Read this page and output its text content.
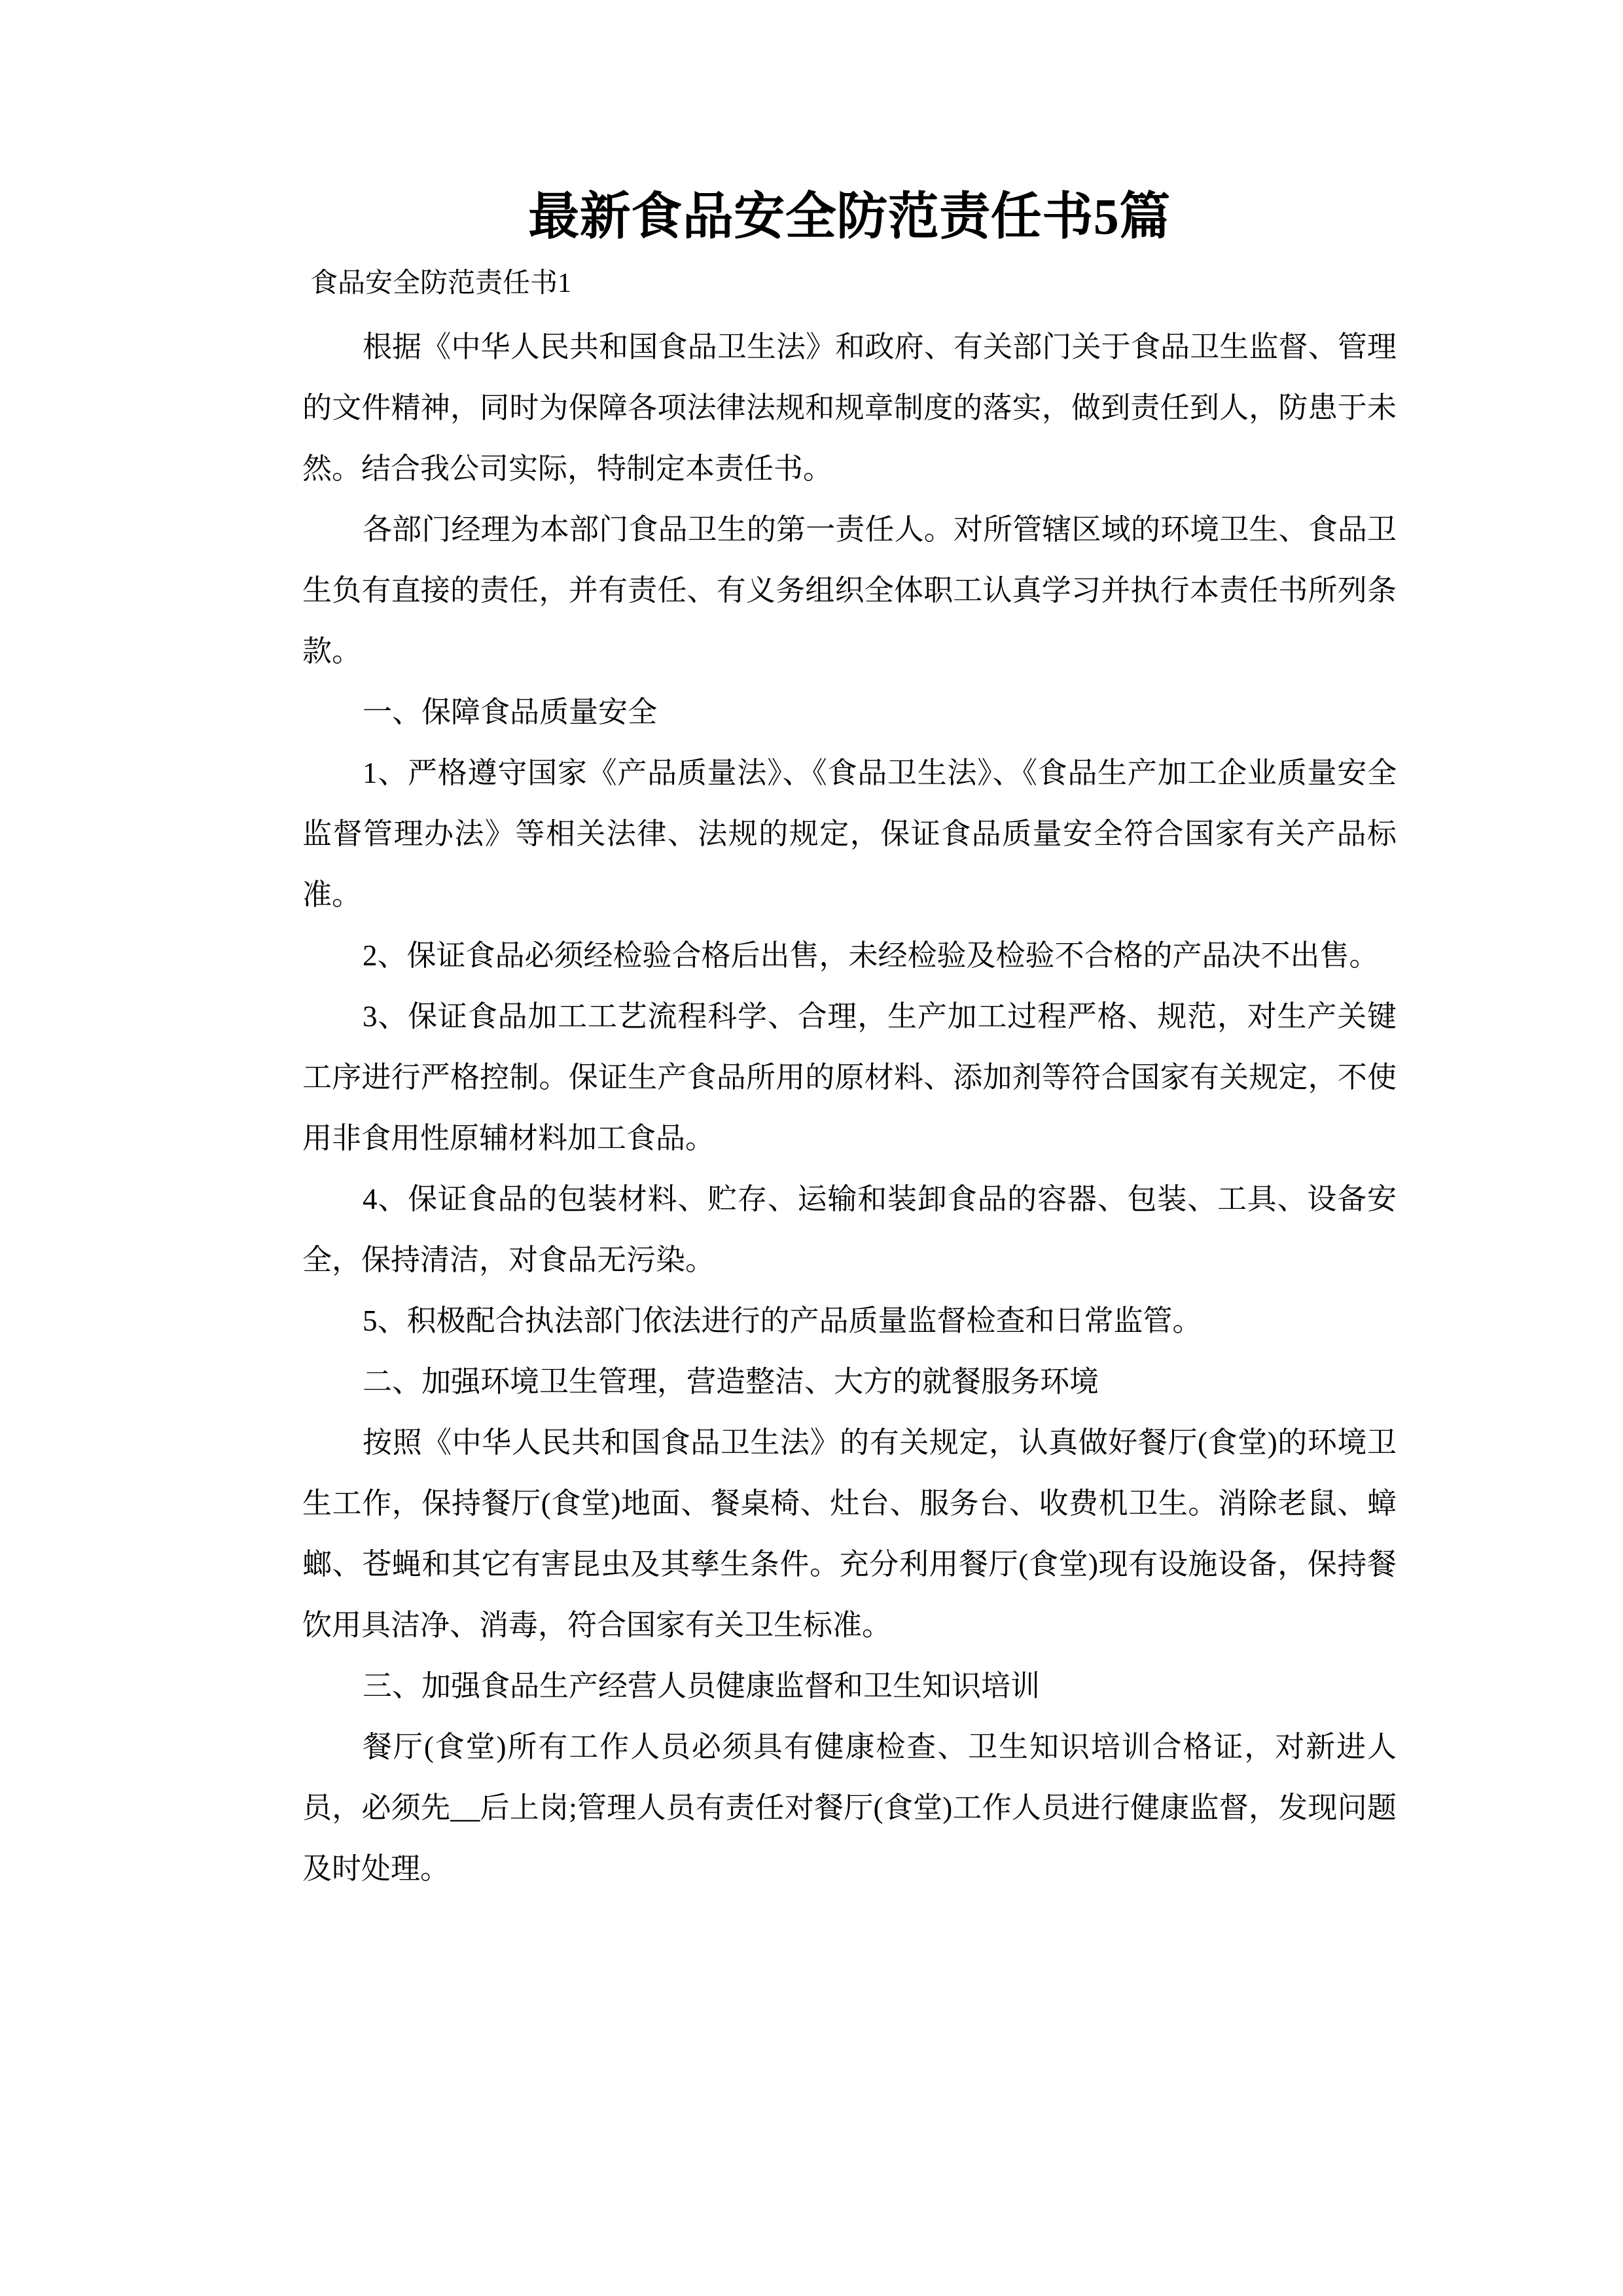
最新食品安全防范责任书5篇
食品安全防范责任书1

根据《中华人民共和国食品卫生法》和政府、有关部门关于食品卫生监督、管理的文件精神，同时为保障各项法律法规和规章制度的落实，做到责任到人，防患于未然。结合我公司实际，特制定本责任书。

各部门经理为本部门食品卫生的第一责任人。对所管辖区域的环境卫生、食品卫生负有直接的责任，并有责任、有义务组织全体职工认真学习并执行本责任书所列条款。

一、保障食品质量安全

1、严格遵守国家《产品质量法》、《食品卫生法》、《食品生产加工企业质量安全监督管理办法》等相关法律、法规的规定，保证食品质量安全符合国家有关产品标准。

2、保证食品必须经检验合格后出售，未经检验及检验不合格的产品决不出售。

3、保证食品加工工艺流程科学、合理，生产加工过程严格、规范，对生产关键工序进行严格控制。保证生产食品所用的原材料、添加剂等符合国家有关规定，不使用非食用性原辅材料加工食品。

4、保证食品的包装材料、贮存、运输和装卸食品的容器、包装、工具、设备安全，保持清洁，对食品无污染。

5、积极配合执法部门依法进行的产品质量监督检查和日常监管。

二、加强环境卫生管理，营造整洁、大方的就餐服务环境

按照《中华人民共和国食品卫生法》的有关规定，认真做好餐厅(食堂)的环境卫生工作，保持餐厅(食堂)地面、餐桌椅、灶台、服务台、收费机卫生。消除老鼠、蟑螂、苍蝇和其它有害昆虫及其孳生条件。充分利用餐厅(食堂)现有设施设备，保持餐饮用具洁净、消毒，符合国家有关卫生标准。

三、加强食品生产经营人员健康监督和卫生知识培训

餐厅(食堂)所有工作人员必须具有健康检查、卫生知识培训合格证，对新进人员，必须先__后上岗;管理人员有责任对餐厅(食堂)工作人员进行健康监督，发现问题及时处理。
